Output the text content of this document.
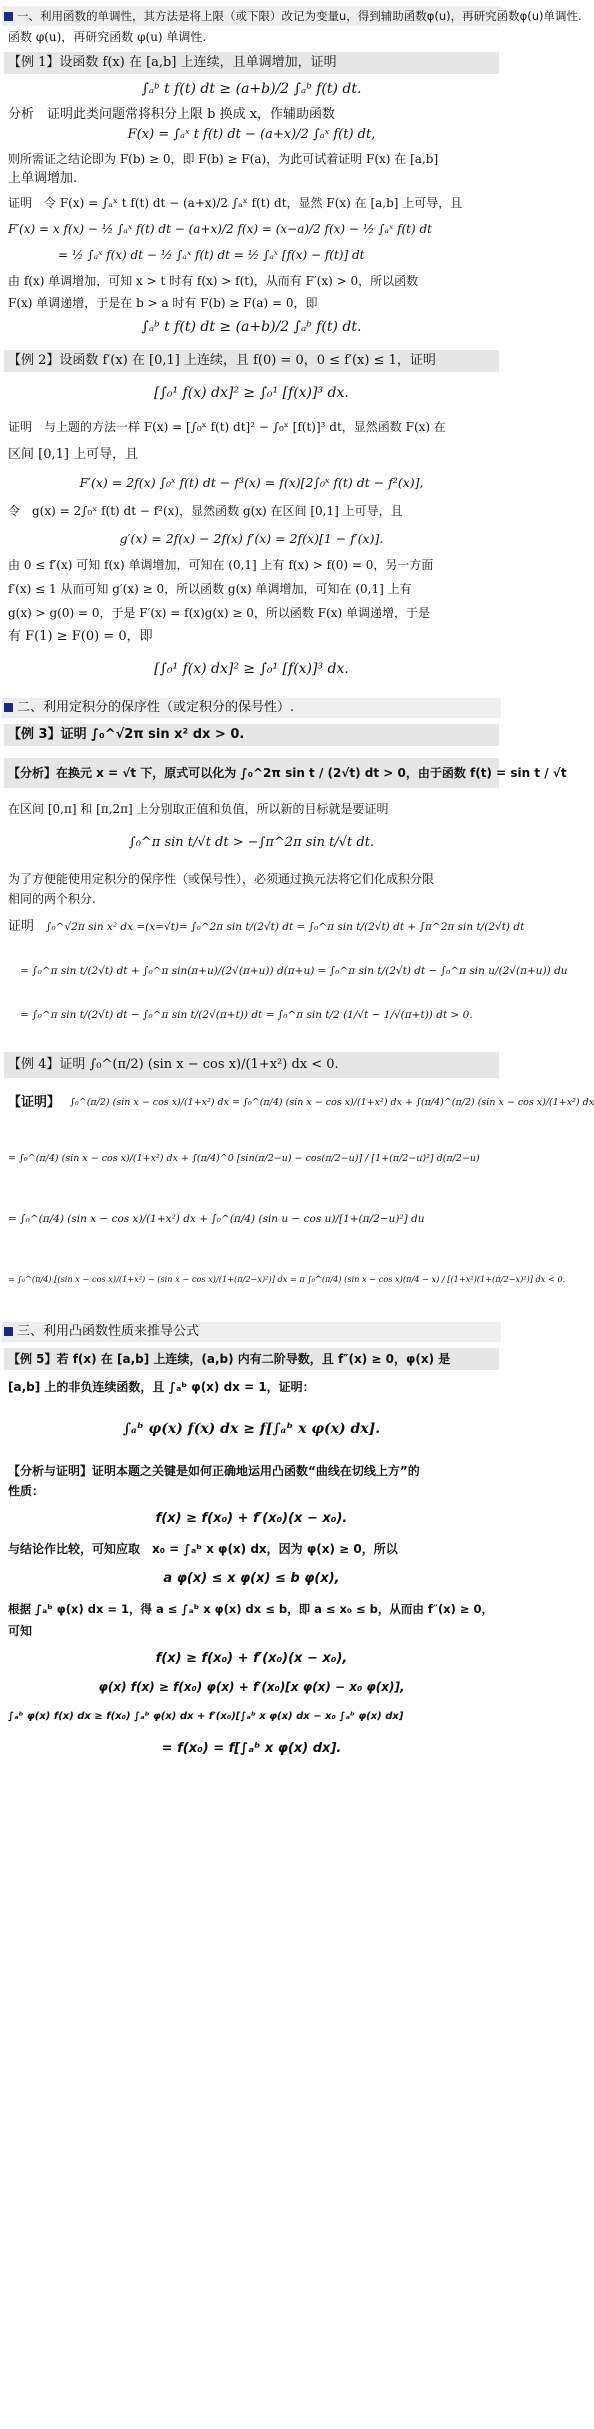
一、利用函数的单调性，其方法是将上限（或下限）改记为变量u，得到辅助函数φ(u)，再研究函数φ(u)单调性.
函数 φ(u)，再研究函数 φ(u) 单调性.
【例 1】设函数 f(x) 在 [a,b] 上连续，且单调增加，证明
∫ₐᵇ t f(t) dt ≥ (a+b)/2 ∫ₐᵇ f(t) dt.
分析　证明此类问题常将积分上限 b 换成 x，作辅助函数
F(x) = ∫ₐˣ t f(t) dt − (a+x)/2 ∫ₐˣ f(t) dt,
则所需证之结论即为 F(b) ≥ 0，即 F(b) ≥ F(a)，为此可试着证明 F(x) 在 [a,b]
上单调增加.
证明　令 F(x) = ∫ₐˣ t f(t) dt − (a+x)/2 ∫ₐˣ f(t) dt，显然 F(x) 在 [a,b] 上可导，且
F′(x) = x f(x) − ½ ∫ₐˣ f(t) dt − (a+x)/2 f(x) = (x−a)/2 f(x) − ½ ∫ₐˣ f(t) dt
= ½ ∫ₐˣ f(x) dt − ½ ∫ₐˣ f(t) dt = ½ ∫ₐˣ [f(x) − f(t)] dt
由 f(x) 单调增加，可知 x > t 时有 f(x) > f(t)，从而有 F′(x) > 0，所以函数
F(x) 单调递增，于是在 b > a 时有 F(b) ≥ F(a) = 0，即
∫ₐᵇ t f(t) dt ≥ (a+b)/2 ∫ₐᵇ f(t) dt.
【例 2】设函数 f′(x) 在 [0,1] 上连续，且 f(0) = 0，0 ≤ f′(x) ≤ 1，证明
[∫₀¹ f(x) dx]² ≥ ∫₀¹ [f(x)]³ dx.
证明　与上题的方法一样 F(x) = [∫₀ˣ f(t) dt]² − ∫₀ˣ [f(t)]³ dt，显然函数 F(x) 在
区间 [0,1] 上可导，且
F′(x) = 2f(x) ∫₀ˣ f(t) dt − f³(x) = f(x)[2∫₀ˣ f(t) dt − f²(x)],
令　g(x) = 2∫₀ˣ f(t) dt − f²(x)，显然函数 g(x) 在区间 [0,1] 上可导，且
g′(x) = 2f(x) − 2f(x) f′(x) = 2f(x)[1 − f′(x)].
由 0 ≤ f′(x) 可知 f(x) 单调增加，可知在 (0,1] 上有 f(x) > f(0) = 0，另一方面
f′(x) ≤ 1 从而可知 g′(x) ≥ 0，所以函数 g(x) 单调增加，可知在 (0,1] 上有
g(x) > g(0) = 0，于是 F′(x) = f(x)g(x) ≥ 0，所以函数 F(x) 单调递增，于是
有 F(1) ≥ F(0) = 0，即
[∫₀¹ f(x) dx]² ≥ ∫₀¹ [f(x)]³ dx.
二、利用定积分的保序性（或定积分的保号性）.
【例 3】证明 ∫₀^√2π sin x² dx > 0.
【分析】在换元 x = √t 下，原式可以化为 ∫₀^2π sin t / (2√t) dt > 0，由于函数 f(t) = sin t / √t
在区间 [0,π] 和 [π,2π] 上分别取正值和负值，所以新的目标就是要证明
∫₀^π sin t/√t dt > −∫π^2π sin t/√t dt.
为了方便能使用定积分的保序性（或保号性），必须通过换元法将它们化成积分限
相同的两个积分.
证明	∫₀^√2π sin x² dx =(x=√t)= ∫₀^2π sin t/(2√t) dt = ∫₀^π sin t/(2√t) dt + ∫π^2π sin t/(2√t) dt
= ∫₀^π sin t/(2√t) dt + ∫₀^π sin(π+u)/(2√(π+u)) d(π+u) = ∫₀^π sin t/(2√t) dt − ∫₀^π sin u/(2√(π+u)) du
= ∫₀^π sin t/(2√t) dt − ∫₀^π sin t/(2√(π+t)) dt = ∫₀^π sin t/2 (1/√t − 1/√(π+t)) dt > 0.
【例 4】证明 ∫₀^(π/2) (sin x − cos x)/(1+x²) dx < 0.
【证明】	∫₀^(π/2) (sin x − cos x)/(1+x²) dx = ∫₀^(π/4) (sin x − cos x)/(1+x²) dx + ∫(π/4)^(π/2) (sin x − cos x)/(1+x²) dx
= ∫₀^(π/4) (sin x − cos x)/(1+x²) dx + ∫(π/4)^0 [sin(π/2−u) − cos(π/2−u)] / [1+(π/2−u)²] d(π/2−u)
= ∫₀^(π/4) (sin x − cos x)/(1+x²) dx + ∫₀^(π/4) (sin u − cos u)/[1+(π/2−u)²] du
= ∫₀^(π/4) [(sin x − cos x)/(1+x²) − (sin x − cos x)/(1+(π/2−x)²)] dx = π ∫₀^(π/4) (sin x − cos x)(π/4 − x) / [(1+x²)(1+(π/2−x)²)] dx < 0.
三、利用凸函数性质来推导公式
【例 5】若 f(x) 在 [a,b] 上连续，(a,b) 内有二阶导数，且 f″(x) ≥ 0，φ(x) 是
[a,b] 上的非负连续函数，且 ∫ₐᵇ φ(x) dx = 1，证明：
∫ₐᵇ φ(x) f(x) dx ≥ f[∫ₐᵇ x φ(x) dx].
【分析与证明】证明本题之关键是如何正确地运用凸函数“曲线在切线上方”的
性质：
f(x) ≥ f(x₀) + f′(x₀)(x − x₀).
与结论作比较，可知应取　x₀ = ∫ₐᵇ x φ(x) dx，因为 φ(x) ≥ 0，所以
a φ(x) ≤ x φ(x) ≤ b φ(x),
根据 ∫ₐᵇ φ(x) dx = 1，得 a ≤ ∫ₐᵇ x φ(x) dx ≤ b，即 a ≤ x₀ ≤ b，从而由 f″(x) ≥ 0，
可知
f(x) ≥ f(x₀) + f′(x₀)(x − x₀),
φ(x) f(x) ≥ f(x₀) φ(x) + f′(x₀)[x φ(x) − x₀ φ(x)],
∫ₐᵇ φ(x) f(x) dx ≥ f(x₀) ∫ₐᵇ φ(x) dx + f′(x₀)[∫ₐᵇ x φ(x) dx − x₀ ∫ₐᵇ φ(x) dx]
= f(x₀) = f[∫ₐᵇ x φ(x) dx].
